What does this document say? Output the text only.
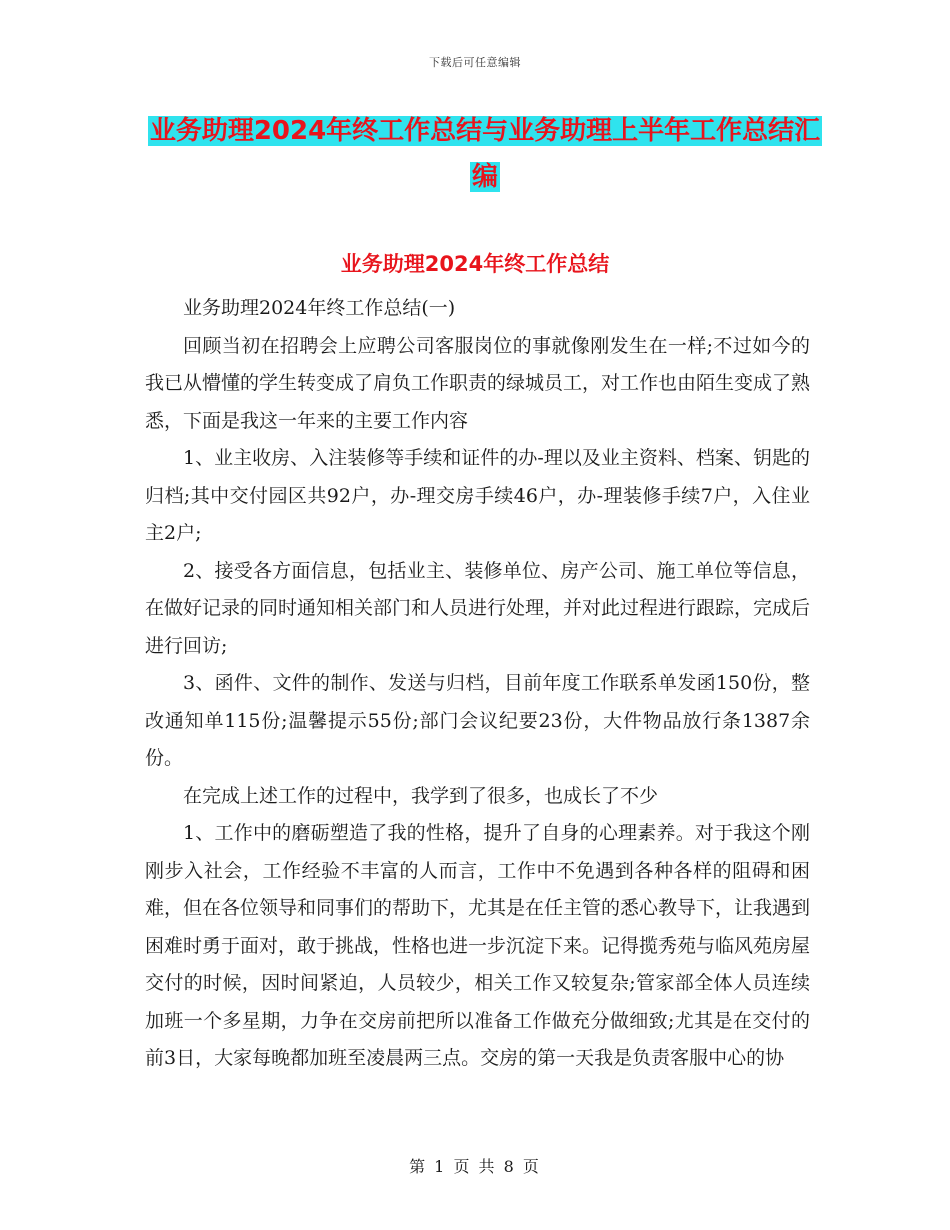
下载后可任意编辑
业务助理2024年终工作总结与业务助理上半年工作总结汇编
业务助理2024年终工作总结

业务助理2024年终工作总结(一)

回顾当初在招聘会上应聘公司客服岗位的事就像刚发生在一样;不过如今的我已从懵懂的学生转变成了肩负工作职责的绿城员工，对工作也由陌生变成了熟悉，下面是我这一年来的主要工作内容

1、业主收房、入注装修等手续和证件的办-理以及业主资料、档案、钥匙的归档;其中交付园区共92户，办-理交房手续46户，办-理装修手续7户，入住业主2户;

2、接受各方面信息，包括业主、装修单位、房产公司、施工单位等信息，在做好记录的同时通知相关部门和人员进行处理，并对此过程进行跟踪，完成后进行回访;

3、函件、文件的制作、发送与归档，目前年度工作联系单发函150份，整改通知单115份;温馨提示55份;部门会议纪要23份，大件物品放行条1387余份。

在完成上述工作的过程中，我学到了很多，也成长了不少

1、工作中的磨砺塑造了我的性格，提升了自身的心理素养。对于我这个刚刚步入社会，工作经验不丰富的人而言，工作中不免遇到各种各样的阻碍和困难，但在各位领导和同事们的帮助下，尤其是在任主管的悉心教导下，让我遇到困难时勇于面对，敢于挑战，性格也进一步沉淀下来。记得揽秀苑与临风苑房屋交付的时候，因时间紧迫，人员较少，相关工作又较复杂;管家部全体人员连续加班一个多星期，力争在交房前把所以准备工作做充分做细致;尤其是在交付的前3日，大家每晚都加班至凌晨两三点。交房的第一天我是负责客服中心的协

第 1 页 共 8 页
